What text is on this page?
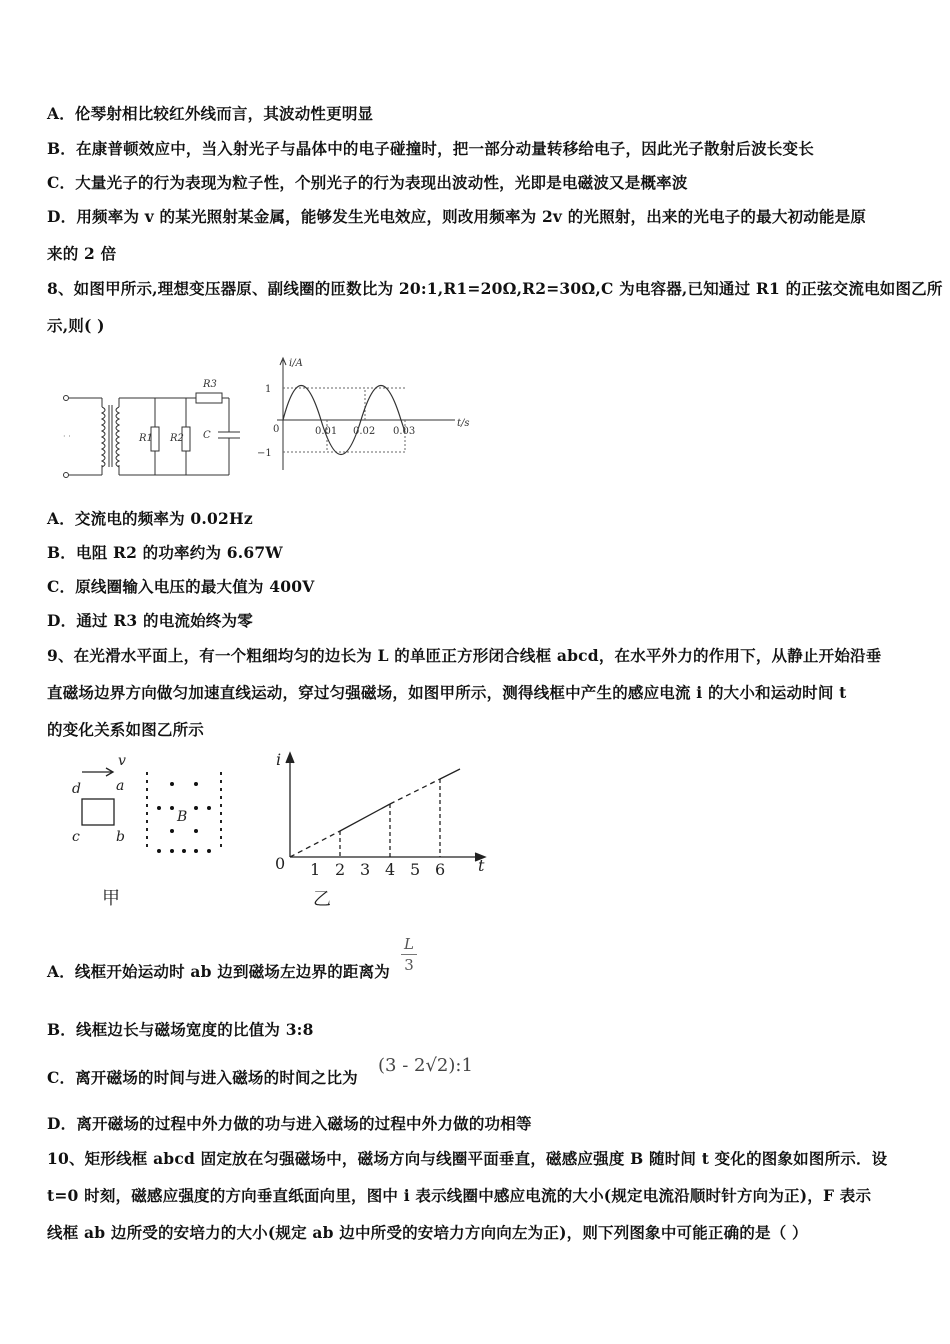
A．伦琴射相比较红外线而言，其波动性更明显
B．在康普顿效应中，当入射光子与晶体中的电子碰撞时，把一部分动量转移给电子，因此光子散射后波长变长
C．大量光子的行为表现为粒子性，个别光子的行为表现出波动性，光即是电磁波又是概率波
D．用频率为 v 的某光照射某金属，能够发生光电效应，则改用频率为 2v 的光照射，出来的光电子的最大初动能是原
来的 2 倍
8、如图甲所示,理想变压器原、副线圈的匝数比为 20:1,R1=20Ω,R2=30Ω,C 为电容器,已知通过 R1 的正弦交流电如图乙所
示,则( )
R3
R1 R2 C
· ·
i/A
t/s
1
−1
0	0.01 0.02 0.03
A．交流电的频率为 0.02Hz
B．电阻 R2 的功率约为 6.67W
C．原线圈输入电压的最大值为 400V
D．通过 R3 的电流始终为零
9、在光滑水平面上，有一个粗细均匀的边长为 L 的单匝正方形闭合线框 abcd，在水平外力的作用下，从静止开始沿垂
直磁场边界方向做匀加速直线运动，穿过匀强磁场，如图甲所示，测得线框中产生的感应电流 i 的大小和运动时间 t
的变化关系如图乙所示
v
d	a
c	b
B
甲
i
t
0 1 2 3 4 5 6
乙
A．线框开始运动时 ab 边到磁场左边界的距离为
L
3
B．线框边长与磁场宽度的比值为 3:8
C．离开磁场的时间与进入磁场的时间之比为
(3 - 2√2):1
D．离开磁场的过程中外力做的功与进入磁场的过程中外力做的功相等
10、矩形线框 abcd 固定放在匀强磁场中，磁场方向与线圈平面垂直，磁感应强度 B 随时间 t 变化的图象如图所示．设
t=0 时刻，磁感应强度的方向垂直纸面向里，图中 i 表示线圈中感应电流的大小(规定电流沿顺时针方向为正)，F 表示
线框 ab 边所受的安培力的大小(规定 ab 边中所受的安培力方向向左为正)，则下列图象中可能正确的是（ ）
